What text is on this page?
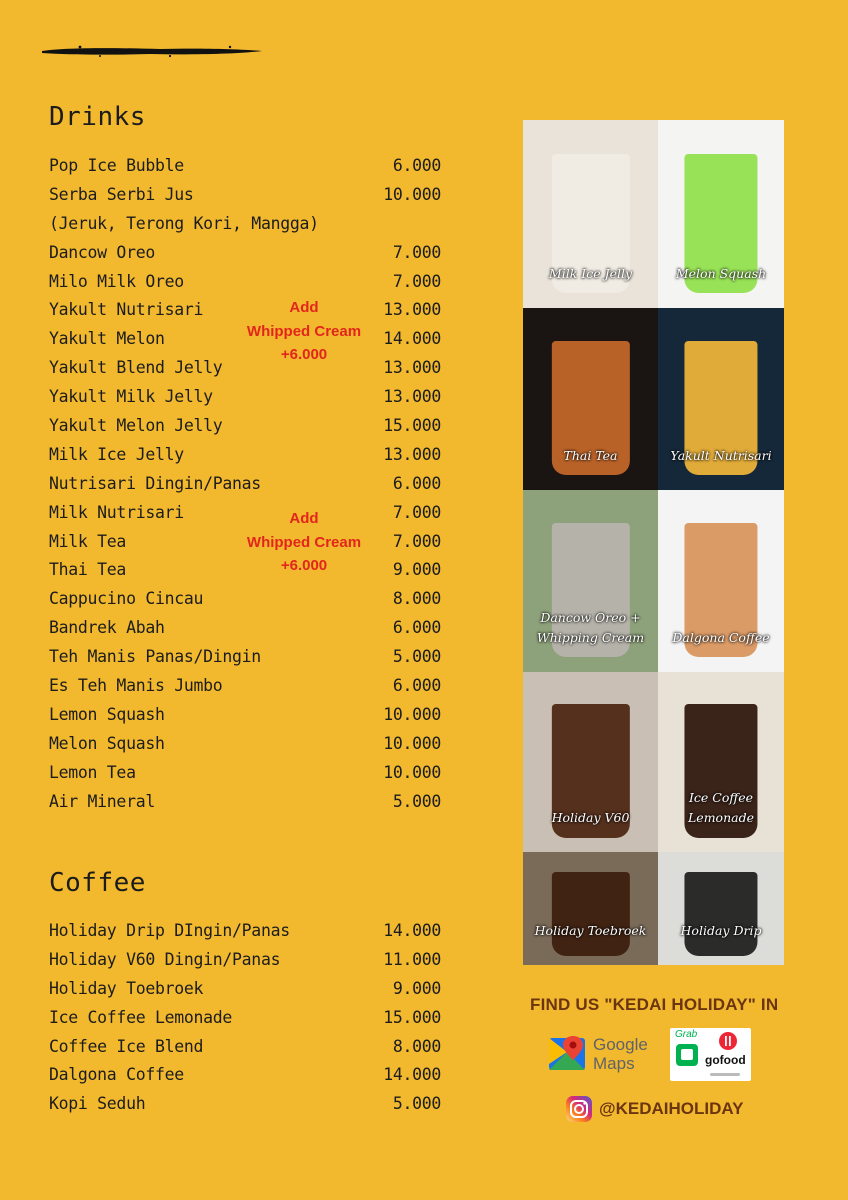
Drinks
Pop Ice Bubble	6.000
Serba Serbi Jus	10.000
(Jeruk, Terong Kori, Mangga)
Dancow Oreo	7.000
Milo Milk Oreo	7.000
Yakult Nutrisari	13.000
Yakult Melon	14.000
Yakult Blend Jelly	13.000
Yakult Milk Jelly	13.000
Yakult Melon Jelly	15.000
Milk Ice Jelly	13.000
Nutrisari Dingin/Panas	6.000
Milk Nutrisari	7.000
Milk Tea	7.000
Thai Tea	9.000
Cappucino Cincau	8.000
Bandrek Abah	6.000
Teh Manis Panas/Dingin	5.000
Es Teh Manis Jumbo	6.000
Lemon Squash	10.000
Melon Squash	10.000
Lemon Tea	10.000
Air Mineral	5.000
Add
Whipped Cream
+6.000
Add
Whipped Cream
+6.000
Coffee
Holiday Drip DIngin/Panas	14.000
Holiday V60 Dingin/Panas	11.000
Holiday Toebroek	9.000
Ice Coffee Lemonade	15.000
Coffee Ice Blend	8.000
Dalgona Coffee	14.000
Kopi Seduh	5.000
Milk Ice Jelly	Melon Squash
Thai Tea	Yakult Nutrisari
Dancow Oreo +
Whipping Cream Dalgona Coffee
Holiday V60
Ice Coffee Lemonade
Holiday Toebroek	Holiday Drip
FIND US "KEDAI HOLIDAY" IN
Google
Maps
Grab
gofood
@KEDAIHOLIDAY
